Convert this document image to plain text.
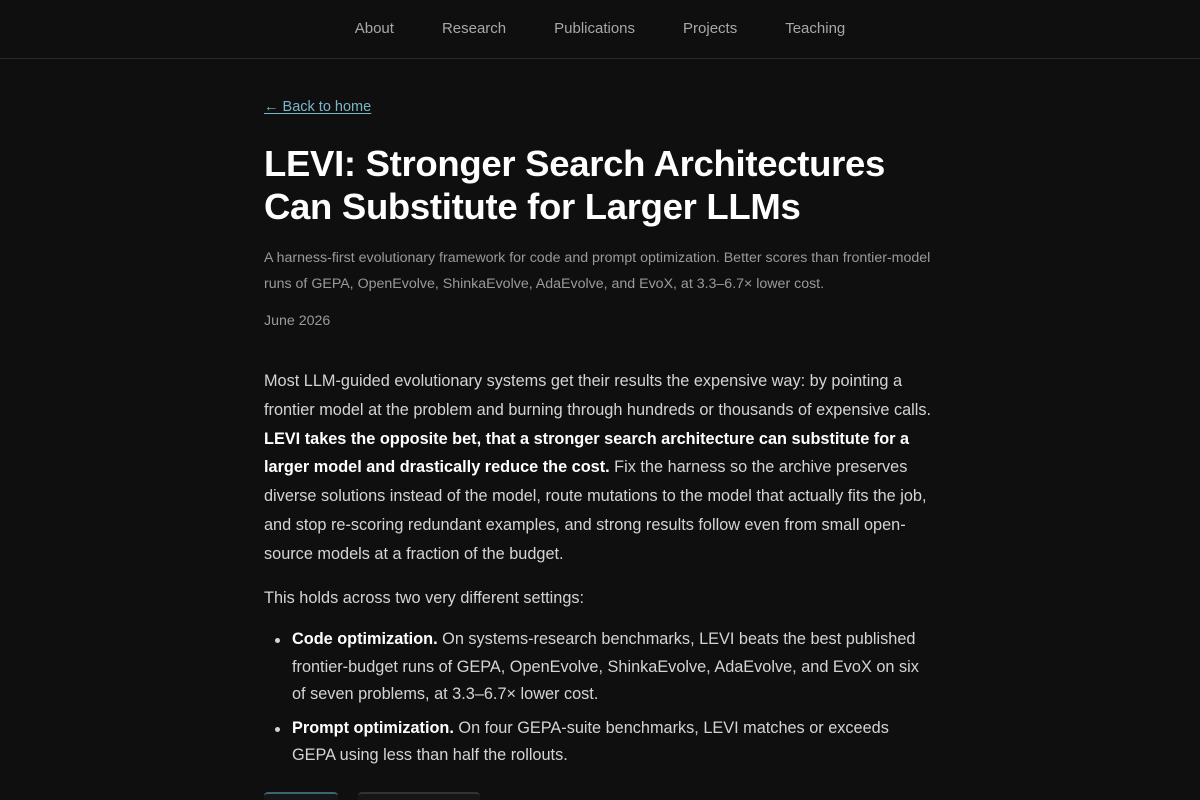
About	Research	Publications	Projects	Teaching
← Back to home
LEVI: Stronger Search Architectures Can Substitute for Larger LLMs

A harness-first evolutionary framework for code and prompt optimization. Better scores than frontier-model runs of GEPA, OpenEvolve, ShinkaEvolve, AdaEvolve, and EvoX, at 3.3–6.7× lower cost.

June 2026

Most LLM-guided evolutionary systems get their results the expensive way: by pointing a frontier model at the problem and burning through hundreds or thousands of expensive calls. LEVI takes the opposite bet, that a stronger search architecture can substitute for a larger model and drastically reduce the cost. Fix the harness so the archive preserves diverse solutions instead of the model, route mutations to the model that actually fits the job, and stop re-scoring redundant examples, and strong results follow even from small open-source models at a fraction of the budget.

This holds across two very different settings:

Code optimization. On systems-research benchmarks, LEVI beats the best published frontier-budget runs of GEPA, OpenEvolve, ShinkaEvolve, AdaEvolve, and EvoX on six of seven problems, at 3.3–6.7× lower cost.
Prompt optimization. On four GEPA-suite benchmarks, LEVI matches or exceeds GEPA using less than half the rollouts.
